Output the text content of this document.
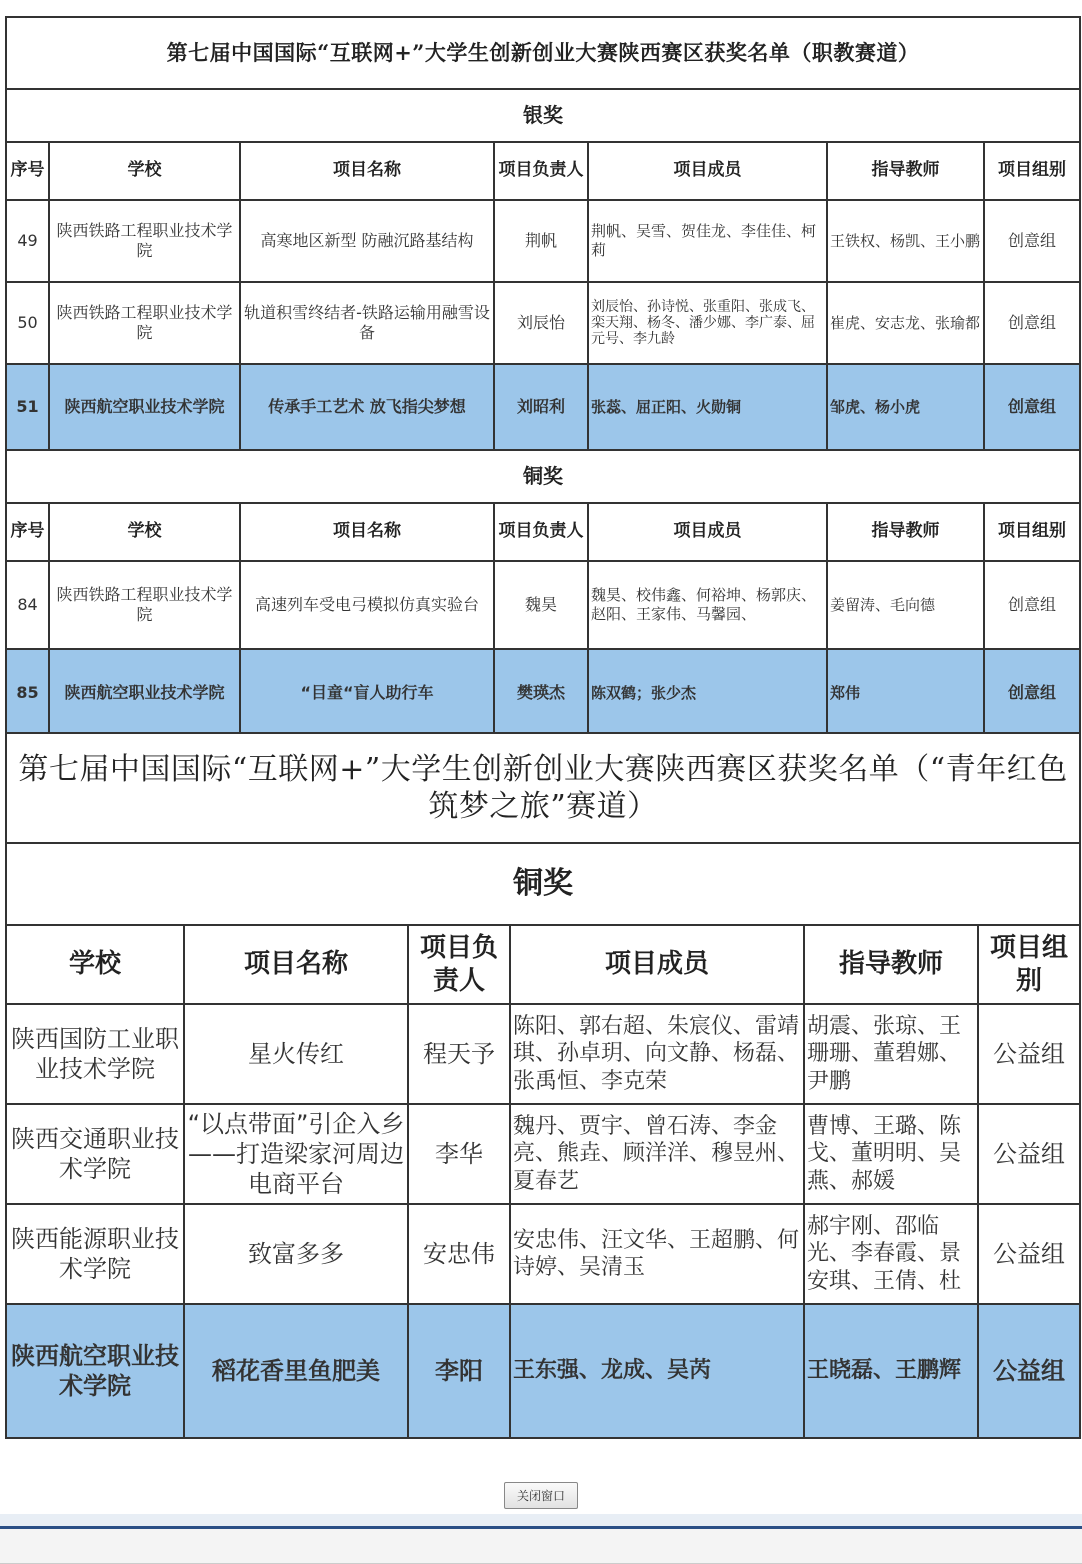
第七届中国国际“互联网+”大学生创新创业大赛陕西赛区获奖名单（职教赛道）						
银奖						
序号	学校	项目名称	项目负责人	项目成员	指导教师	项目组别
49	陕西铁路工程职业技术学院	高寒地区新型 防融沉路基结构	荆帆	荆帆、吴雪、贺佳龙、李佳佳、柯莉	王铁权、杨凯、王小鹏	创意组
50	陕西铁路工程职业技术学院	轨道积雪终结者-铁路运输用融雪设备	刘辰怡	刘辰怡、孙诗悦、张重阳、张成飞、栾天翔、杨冬、潘少娜、李广泰、屈元号、李九龄	崔虎、安志龙、张瑜都	创意组
51	陕西航空职业技术学院	传承手工艺术 放飞指尖梦想	刘昭利	张蕊、屈正阳、火勋铜	邹虎、杨小虎	创意组
铜奖						
序号	学校	项目名称	项目负责人	项目成员	指导教师	项目组别
84	陕西铁路工程职业技术学院	高速列车受电弓模拟仿真实验台	魏昊	魏昊、校伟鑫、何裕坤、杨郭庆、赵阳、王家伟、马馨园、	姜留涛、毛向德	创意组
85	陕西航空职业技术学院	“目童“盲人助行车	樊瑛杰	陈双鹤；张少杰	郑伟	创意组
第七届中国国际“互联网+”大学生创新创业大赛陕西赛区获奖名单（“青年红色筑梦之旅”赛道）					
铜奖					
学校	项目名称	项目负责人	项目成员	指导教师	项目组别
陕西国防工业职业技术学院	星火传红	程天予	陈阳、郭右超、朱宸仪、雷靖琪、孙卓玥、向文静、杨磊、张禹恒、李克荣	胡震、张琼、王珊珊、董碧娜、尹鹏	公益组
陕西交通职业技术学院	“以点带面”引企入乡——打造梁家河周边电商平台	李华	魏丹、贾宇、曾石涛、李金亮、熊垚、顾洋洋、穆昱州、夏春艺	曹博、王璐、陈戈、董明明、吴燕、郝媛	公益组
陕西能源职业技术学院	致富多多	安忠伟	安忠伟、汪文华、王超鹏、何诗婷、吴清玉	郝宇刚、邵临光、李春霞、景安琪、王倩、杜	公益组
陕西航空职业技术学院	稻花香里鱼肥美	李阳	王东强、龙成、吴芮	王晓磊、王鹏辉	公益组
关闭窗口
